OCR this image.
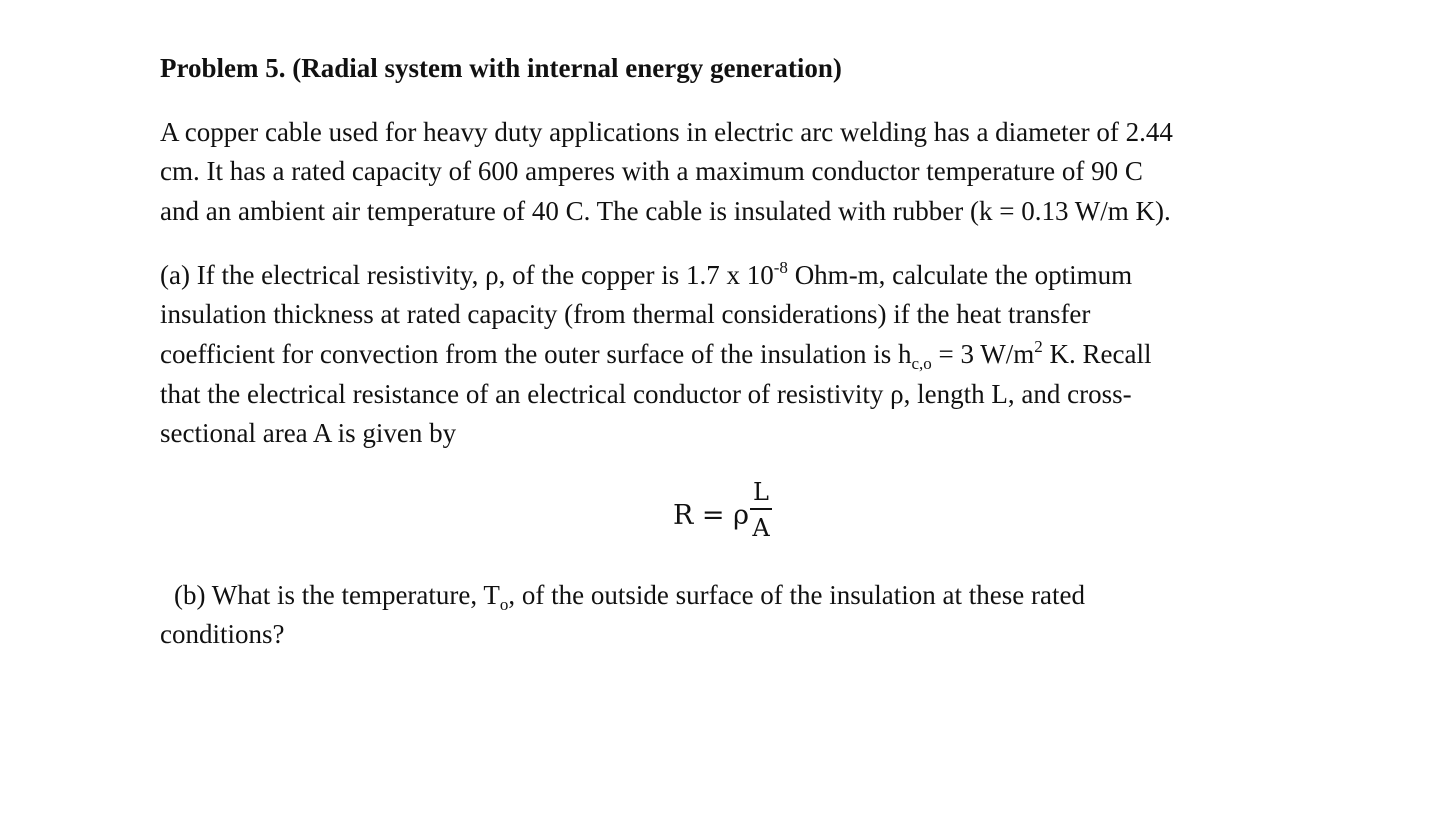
Problem 5. (Radial system with internal energy generation)
A copper cable used for heavy duty applications in electric arc welding has a diameter of 2.44
cm. It has a rated capacity of 600 amperes with a maximum conductor temperature of 90 C
and an ambient air temperature of 40 C. The cable is insulated with rubber (k = 0.13 W/m K).
(a) If the electrical resistivity, ρ, of the copper is 1.7 x $10^{-8}$ Ohm-m, calculate the optimum
insulation thickness at rated capacity (from thermal considerations) if the heat transfer
coefficient for convection from the outer surface of the insulation is $h_{c,o} = 3$ $W/m^2$ K. Recall
that the electrical resistance of an electrical conductor of resistivity ρ, length L, and cross-
sectional area A is given by
R = ρ
L
A
(b) What is the temperature, $T_o$, of the outside surface of the insulation at these rated
conditions?
